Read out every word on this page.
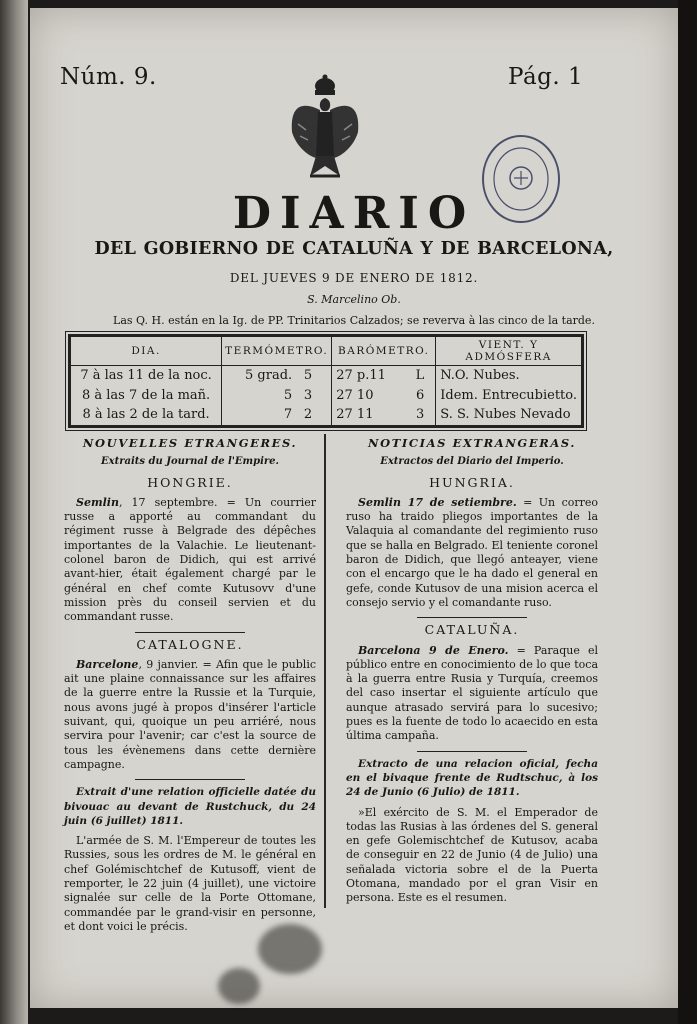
Núm. 9.	Pág. 1
DIARIO
DEL GOBIERNO DE CATALUÑA Y DE BARCELONA,
DEL JUEVES 9 DE ENERO DE 1812.
S. Marcelino Ob.
Las Q. H. están en la Ig. de PP. Trinitarios Calzados; se reverva à las cinco de la tarde.
DIA.	TERMÓMETRO.	BARÓMETRO.	VIENT. Y ADMÓSFERA
7 à las 11 de la noc.	5 grad. 5	27 p.11 L	N.O. Nubes.
8 à las 7 de la mañ.	5 3	27 10 6	Idem. Entrecubietto.
8 à las 2 de la tard.	7 2	27 11 3	S. S. Nubes Nevado
NOUVELLES ETRANGERES.
Extraits du Journal de l'Empire.
HONGRIE.

Semlin, 17 septembre. = Un courrier russe a apporté au commandant du régiment russe à Belgrade des dépêches importantes de la Valachie. Le lieutenant-colonel baron de Didich, qui est arrivé avant-hier, était également chargé par le général en chef comte Kutusovv d'une mission près du conseil servien et du commandant russe.

CATALOGNE.

Barcelone, 9 janvier. = Afin que le public ait une plaine connaissance sur les affaires de la guerre entre la Russie et la Turquie, nous avons jugé à propos d'insérer l'article suivant, qui, quoique un peu arriéré, nous servira pour l'avenir; car c'est la source de tous les évènemens dans cette dernière campagne.

Extrait d'une relation officielle datée du bivouac au devant de Rustchuck, du 24 juin (6 juillet) 1811.

L'armée de S. M. l'Empereur de toutes les Russies, sous les ordres de M. le général en chef Golémischtchef de Kutusoff, vient de remporter, le 22 juin (4 juillet), une victoire signalée sur celle de la Porte Ottomane, commandée par le grand-visir en personne, et dont voici le précis.

NOTICIAS EXTRANGERAS.
Extractos del Diario del Imperio.
HUNGRIA.

Semlin 17 de setiembre. = Un correo ruso ha traido pliegos importantes de la Valaquia al comandante del regimiento ruso que se halla en Belgrado. El teniente coronel baron de Didich, que llegó anteayer, viene con el encargo que le ha dado el general en gefe, conde Kutusov de una mision acerca el consejo servio y el comandante ruso.

CATALUÑA.

Barcelona 9 de Enero. = Paraque el público entre en conocimiento de lo que toca à la guerra entre Rusia y Turquía, creemos del caso insertar el siguiente artículo que aunque atrasado servirá para lo sucesivo; pues es la fuente de todo lo acaecido en esta última campaña.

Extracto de una relacion oficial, fecha en el bivaque frente de Rudtschuc, à los 24 de Junio (6 Julio) de 1811.

»El exército de S. M. el Emperador de todas las Rusias à las órdenes del S. general en gefe Golemischtchef de Kutusov, acaba de conseguir en 22 de Junio (4 de Julio) una señalada victoria sobre el de la Puerta Otomana, mandado por el gran Visir en persona. Este es el resumen.
